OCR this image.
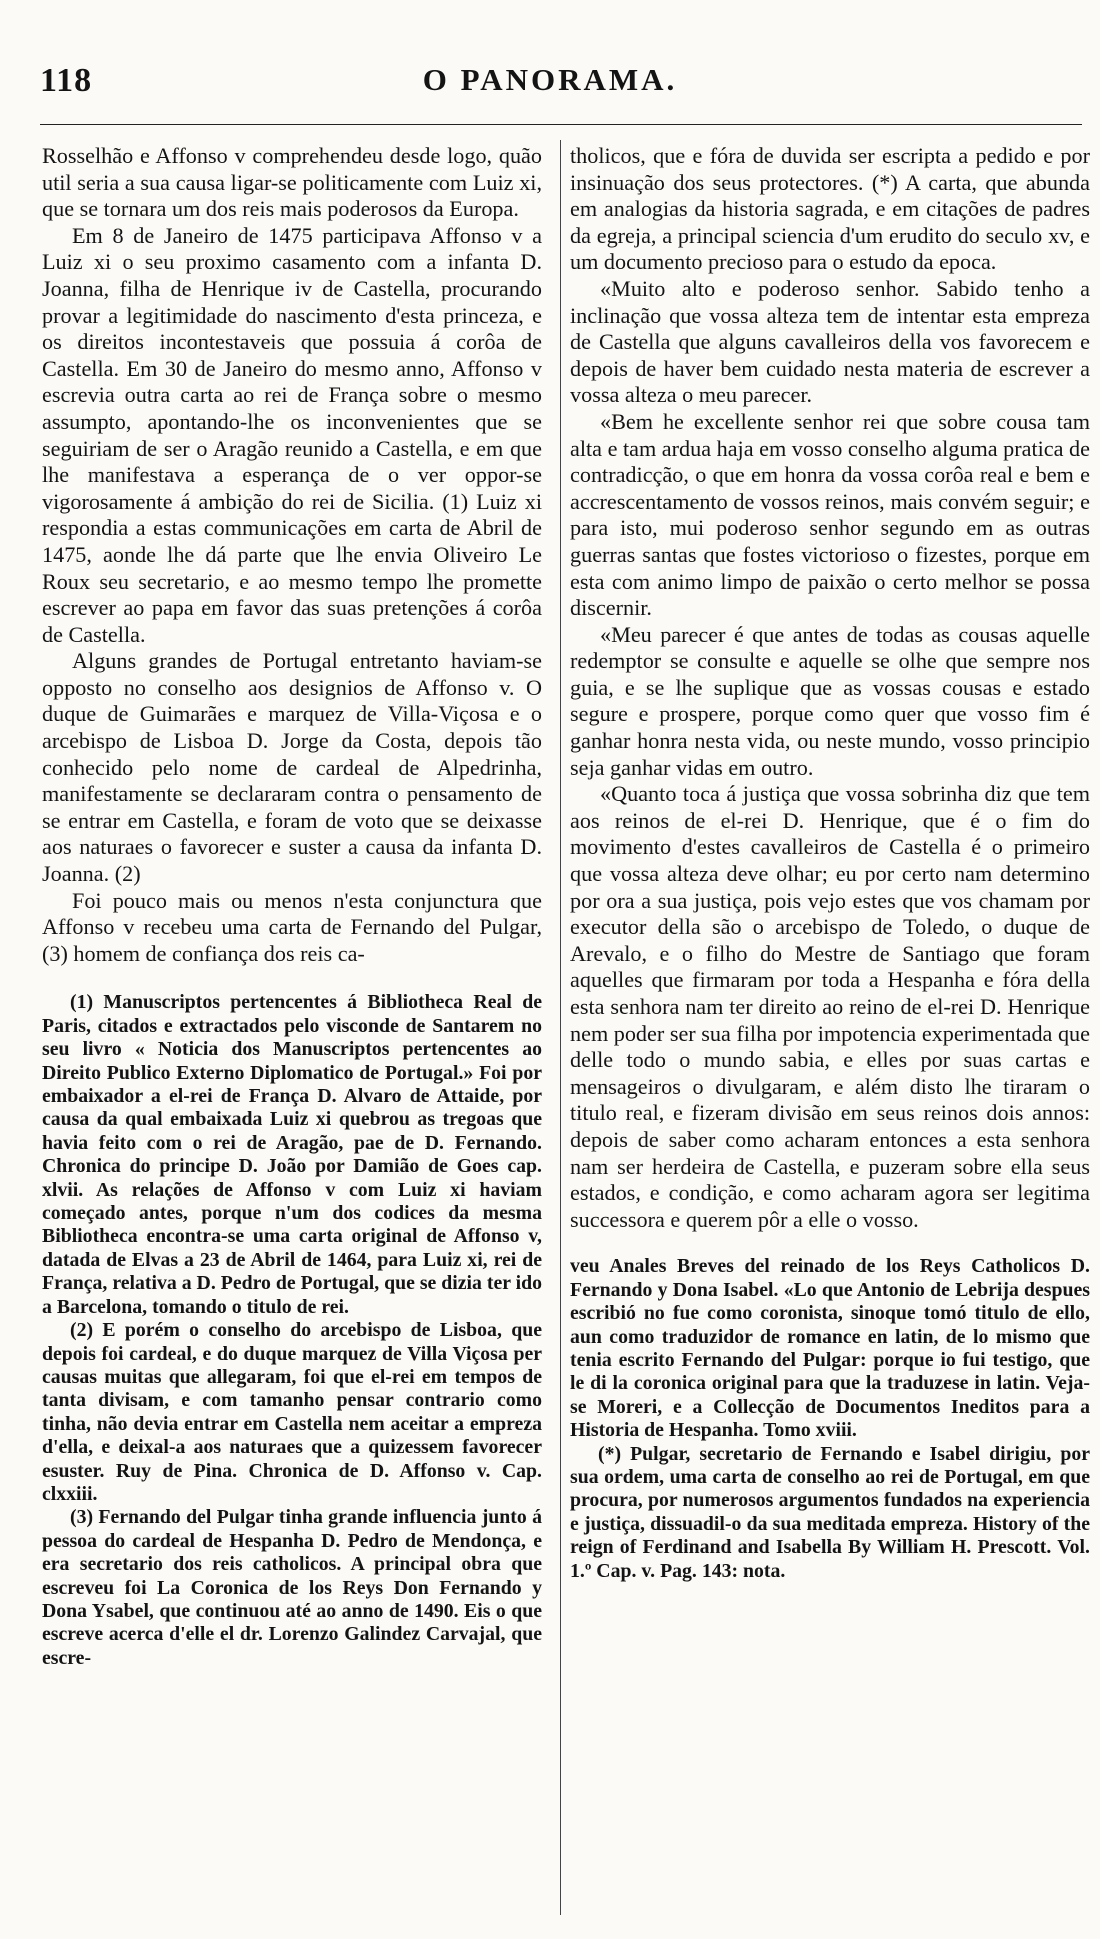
118	O PANORAMA.

Rosselhão e Affonso v comprehendeu desde logo, quão util seria a sua causa ligar-se politicamente com Luiz xi, que se tornara um dos reis mais poderosos da Europa.

Em 8 de Janeiro de 1475 participava Affonso v a Luiz xi o seu proximo casamento com a infanta D. Joanna, filha de Henrique iv de Castella, procurando provar a legitimidade do nascimento d'esta princeza, e os direitos incontestaveis que possuia á corôa de Castella. Em 30 de Janeiro do mesmo anno, Affonso v escrevia outra carta ao rei de França sobre o mesmo assumpto, apontando-lhe os inconvenientes que se seguiriam de ser o Aragão reunido a Castella, e em que lhe manifestava a esperança de o ver oppor-se vigorosamente á ambição do rei de Sicilia. (1) Luiz xi respondia a estas communicações em carta de Abril de 1475, aonde lhe dá parte que lhe envia Oliveiro Le Roux seu secretario, e ao mesmo tempo lhe promette escrever ao papa em favor das suas pretenções á corôa de Castella.

Alguns grandes de Portugal entretanto haviam-se opposto no conselho aos designios de Affonso v. O duque de Guimarães e marquez de Villa-Viçosa e o arcebispo de Lisboa D. Jorge da Costa, depois tão conhecido pelo nome de cardeal de Alpedrinha, manifestamente se declararam contra o pensamento de se entrar em Castella, e foram de voto que se deixasse aos naturaes o favorecer e suster a causa da infanta D. Joanna. (2)

Foi pouco mais ou menos n'esta conjunctura que Affonso v recebeu uma carta de Fernando del Pulgar, (3) homem de confiança dos reis ca-

(1) Manuscriptos pertencentes á Bibliotheca Real de Paris, citados e extractados pelo visconde de Santarem no seu livro « Noticia dos Manuscriptos pertencentes ao Direito Publico Externo Diplomatico de Portugal.» Foi por embaixador a el-rei de França D. Alvaro de Attaide, por causa da qual embaixada Luiz xi quebrou as tregoas que havia feito com o rei de Aragão, pae de D. Fernando. Chronica do principe D. João por Damião de Goes cap. xlvii. As relações de Affonso v com Luiz xi haviam começado antes, porque n'um dos codices da mesma Bibliotheca encontra-se uma carta original de Affonso v, datada de Elvas a 23 de Abril de 1464, para Luiz xi, rei de França, relativa a D. Pedro de Portugal, que se dizia ter ido a Barcelona, tomando o titulo de rei.

(2) E porém o conselho do arcebispo de Lisboa, que depois foi cardeal, e do duque marquez de Villa Viçosa per causas muitas que allegaram, foi que el-rei em tempos de tanta divisam, e com tamanho pensar contrario como tinha, não devia entrar em Castella nem aceitar a empreza d'ella, e deixal-a aos naturaes que a quizessem favorecer esuster. Ruy de Pina. Chronica de D. Affonso v. Cap. clxxiii.

(3) Fernando del Pulgar tinha grande influencia junto á pessoa do cardeal de Hespanha D. Pedro de Mendonça, e era secretario dos reis catholicos. A principal obra que escreveu foi La Coronica de los Reys Don Fernando y Dona Ysabel, que continuou até ao anno de 1490. Eis o que escreve acerca d'elle el dr. Lorenzo Galindez Carvajal, que escre-

tholicos, que e fóra de duvida ser escripta a pedido e por insinuação dos seus protectores. (*) A carta, que abunda em analogias da historia sagrada, e em citações de padres da egreja, a principal sciencia d'um erudito do seculo xv, e um documento precioso para o estudo da epoca.

«Muito alto e poderoso senhor. Sabido tenho a inclinação que vossa alteza tem de intentar esta empreza de Castella que alguns cavalleiros della vos favorecem e depois de haver bem cuidado nesta materia de escrever a vossa alteza o meu parecer.

«Bem he excellente senhor rei que sobre cousa tam alta e tam ardua haja em vosso conselho alguma pratica de contradicção, o que em honra da vossa corôa real e bem e accrescentamento de vossos reinos, mais convém seguir; e para isto, mui poderoso senhor segundo em as outras guerras santas que fostes victorioso o fizestes, porque em esta com animo limpo de paixão o certo melhor se possa discernir.

«Meu parecer é que antes de todas as cousas aquelle redemptor se consulte e aquelle se olhe que sempre nos guia, e se lhe suplique que as vossas cousas e estado segure e prospere, porque como quer que vosso fim é ganhar honra nesta vida, ou neste mundo, vosso principio seja ganhar vidas em outro.

«Quanto toca á justiça que vossa sobrinha diz que tem aos reinos de el-rei D. Henrique, que é o fim do movimento d'estes cavalleiros de Castella é o primeiro que vossa alteza deve olhar; eu por certo nam determino por ora a sua justiça, pois vejo estes que vos chamam por executor della são o arcebispo de Toledo, o duque de Arevalo, e o filho do Mestre de Santiago que foram aquelles que firmaram por toda a Hespanha e fóra della esta senhora nam ter direito ao reino de el-rei D. Henrique nem poder ser sua filha por impotencia experimentada que delle todo o mundo sabia, e elles por suas cartas e mensageiros o divulgaram, e além disto lhe tiraram o titulo real, e fizeram divisão em seus reinos dois annos: depois de saber como acharam entonces a esta senhora nam ser herdeira de Castella, e puzeram sobre ella seus estados, e condição, e como acharam agora ser legitima successora e querem pôr a elle o vosso.

veu Anales Breves del reinado de los Reys Catholicos D. Fernando y Dona Isabel. «Lo que Antonio de Lebrija despues escribió no fue como coronista, sinoque tomó titulo de ello, aun como traduzidor de romance en latin, de lo mismo que tenia escrito Fernando del Pulgar: porque io fui testigo, que le di la coronica original para que la traduzese in latin. Veja-se Moreri, e a Collecção de Documentos Ineditos para a Historia de Hespanha. Tomo xviii.

(*) Pulgar, secretario de Fernando e Isabel dirigiu, por sua ordem, uma carta de conselho ao rei de Portugal, em que procura, por numerosos argumentos fundados na experiencia e justiça, dissuadil-o da sua meditada empreza. History of the reign of Ferdinand and Isabella By William H. Prescott. Vol. 1.º Cap. v. Pag. 143: nota.
